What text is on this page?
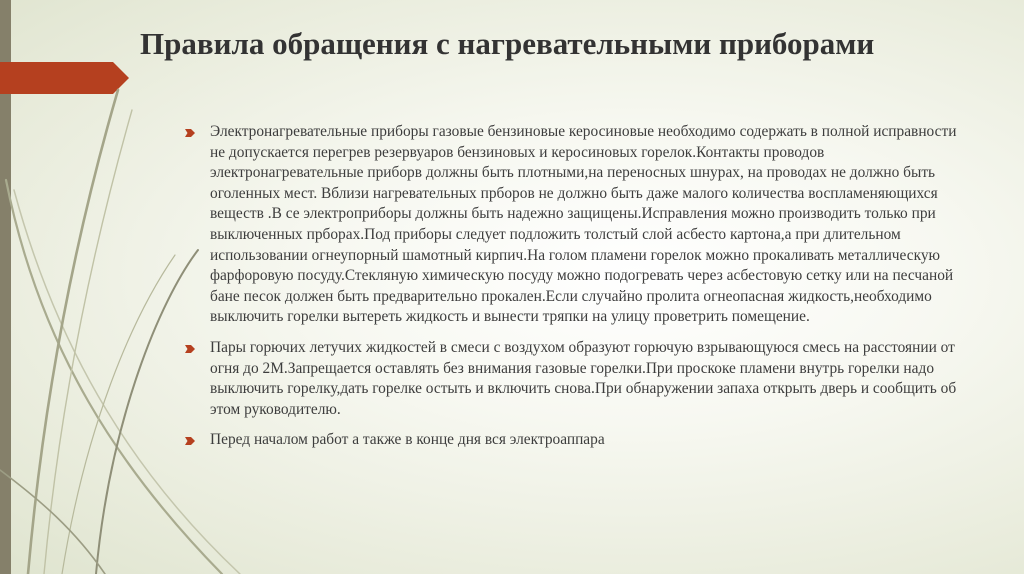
Правила обращения с нагревательными приборами
Электронагревательные приборы газовые бензиновые керосиновые необходимо содержать в полной исправности не допускается перегрев резервуаров бензиновых и керосиновых горелок.Контакты проводов электронагревательные приборв должны быть плотными,на переносных шнурах, на проводах не должно быть оголенных мест. Вблизи нагревательных прборов не должно быть даже малого количества воспламеняющихся веществ .В се электроприборы должны быть надежно защищены.Исправления можно производить только при выключенных прборах.Под приборы следует подложить толстый слой асбесто картона,а при длительном использовании огнеупорный шамотный кирпич.На голом пламени горелок можно прокаливать металлическую фарфоровую посуду.Стекляную химическую посуду можно подогревать через асбестовую сетку или на песчаной бане песок должен быть предварительно прокален.Если случайно пролита огнеопасная жидкость,необходимо выключить горелки вытереть жидкость и вынести тряпки на улицу проветрить помещение.
Пары горючих летучих жидкостей в смеси с воздухом образуют горючую взрывающуюся смесь на расстоянии от огня до 2М.Запрещается оставлять без внимания газовые горелки.При проскоке пламени внутрь горелки надо выключить горелку,дать горелке остыть и включить снова.При обнаружении запаха открыть дверь и сообщить об этом руководителю.
Перед началом работ а также в конце дня вся электроаппара
